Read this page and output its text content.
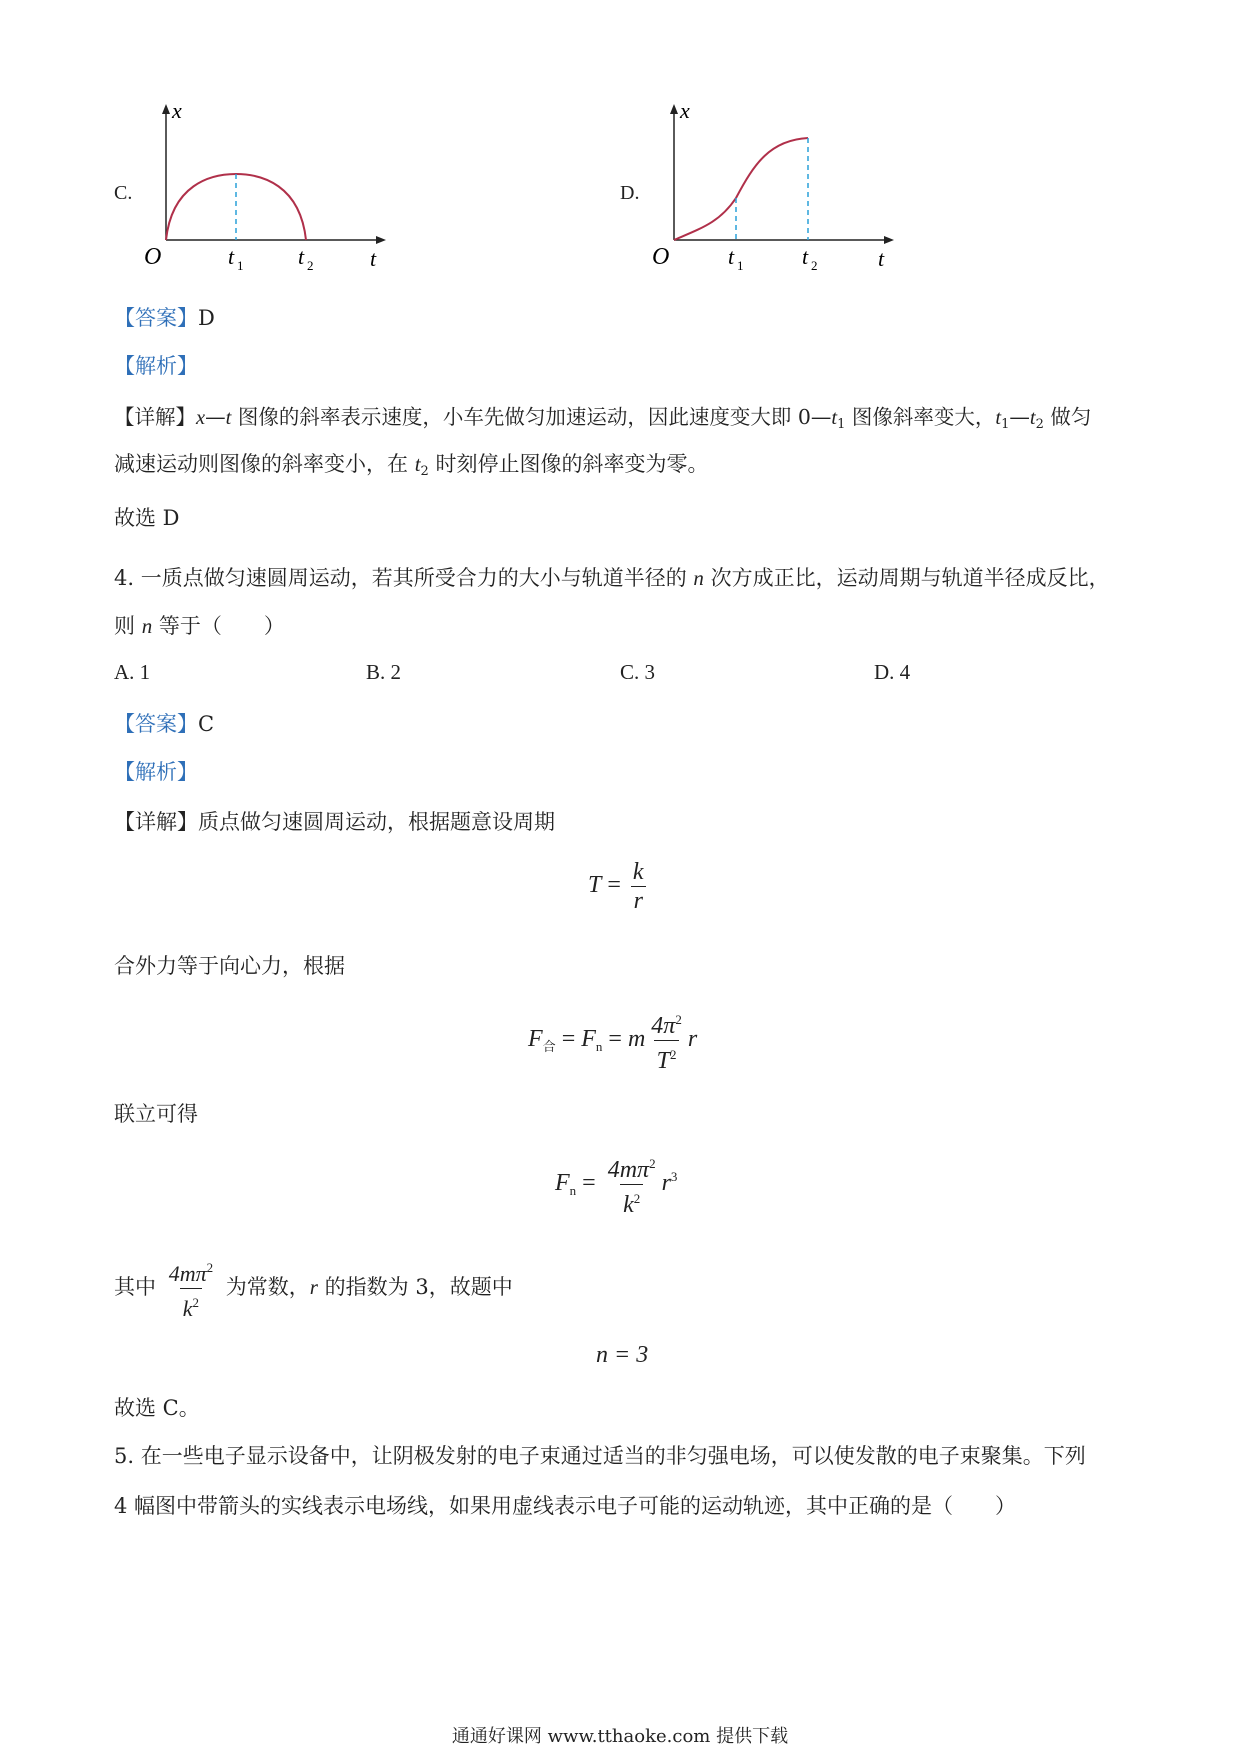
C.
x
t
O	t 1 t 2
D.
x
t
O	t 1	t 2
【答案】D
【解析】
【详解】x—t 图像的斜率表示速度，小车先做匀加速运动，因此速度变大即 $0—t_1$ 图像斜率变大，$t_1—t_2$ 做匀
减速运动则图像的斜率变小，在 $t_2$ 时刻停止图像的斜率变为零。
故选 D
4. 一质点做匀速圆周运动，若其所受合力的大小与轨道半径的 n 次方成正比，运动周期与轨道半径成反比，
则 n 等于（　　）
A. 1	B. 2	C. 3	D. 4
【答案】C
【解析】
【详解】质点做匀速圆周运动，根据题意设周期
$T = \frac{k}{r}$
合外力等于向心力，根据
$F_合 = F_n = m \frac{4\pi^2}{T^2}$ r
联立可得
$F_n = \frac{4m\pi^2}{k^2} r^3$
其中 $\frac{4m\pi^2}{k^2}$ 为常数，r 的指数为 3，故题中
n = 3
故选 C。
5. 在一些电子显示设备中，让阴极发射的电子束通过适当的非匀强电场，可以使发散的电子束聚集。下列
4 幅图中带箭头的实线表示电场线，如果用虚线表示电子可能的运动轨迹，其中正确的是（　　）
通通好课网 www.tthaoke.com 提供下载
